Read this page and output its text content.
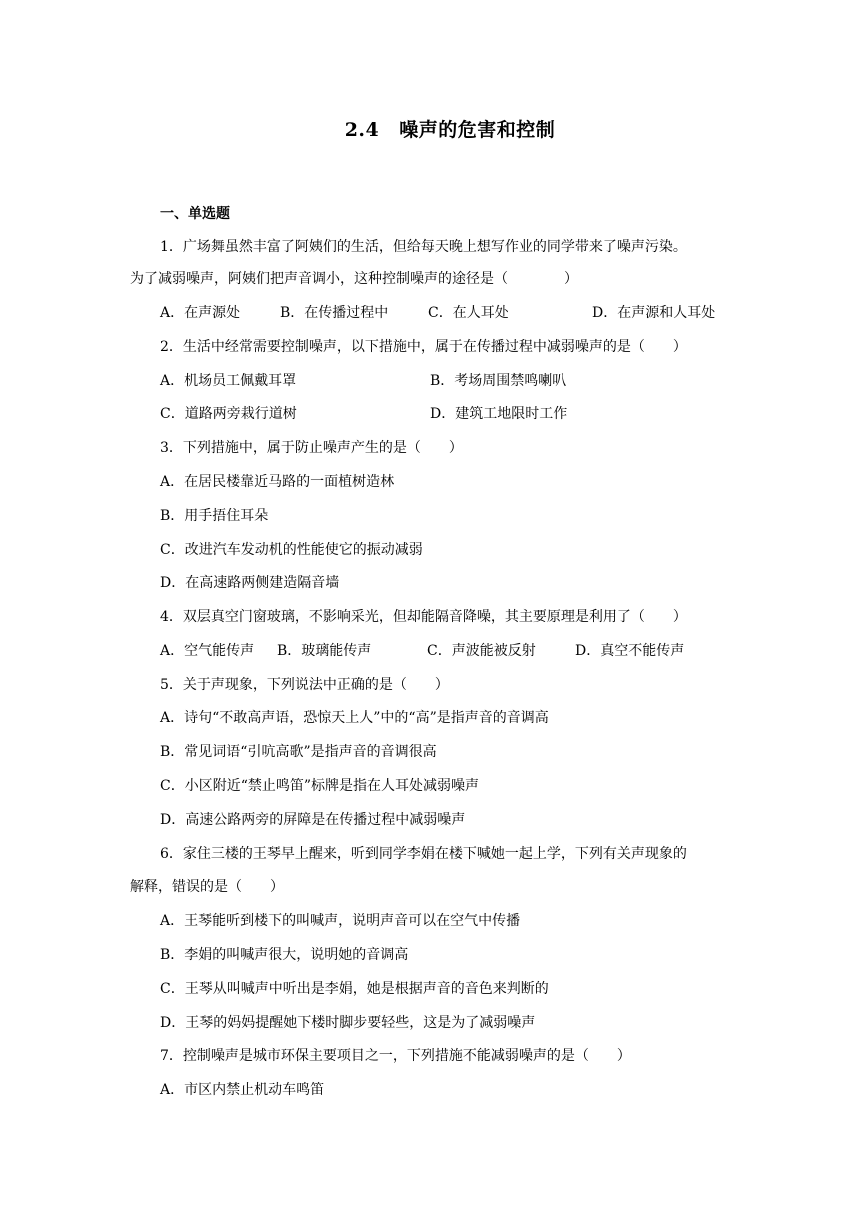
2.4 噪声的危害和控制
一、单选题
1．广场舞虽然丰富了阿姨们的生活，但给每天晚上想写作业的同学带来了噪声污染。
为了减弱噪声，阿姨们把声音调小，这种控制噪声的途径是（　　　　）
A．在声源处	B．在传播过程中	C．在人耳处	D．在声源和人耳处
2．生活中经常需要控制噪声，以下措施中，属于在传播过程中减弱噪声的是（　　）
A．机场员工佩戴耳罩	B．考场周围禁鸣喇叭
C．道路两旁栽行道树	D．建筑工地限时工作
3．下列措施中，属于防止噪声产生的是（　　）
A．在居民楼靠近马路的一面植树造林
B．用手捂住耳朵
C．改进汽车发动机的性能使它的振动减弱
D．在高速路两侧建造隔音墙
4．双层真空门窗玻璃，不影响采光，但却能隔音降噪，其主要原理是利用了（　　）
A．空气能传声 B．玻璃能传声	C．声波能被反射	D．真空不能传声
5．关于声现象，下列说法中正确的是（　　）
A．诗句“不敢高声语，恐惊天上人”中的“高”是指声音的音调高
B．常见词语“引吭高歌”是指声音的音调很高
C．小区附近“禁止鸣笛”标牌是指在人耳处减弱噪声
D．高速公路两旁的屏障是在传播过程中减弱噪声
6．家住三楼的王琴早上醒来，听到同学李娟在楼下喊她一起上学，下列有关声现象的
解释，错误的是（　　）
A．王琴能听到楼下的叫喊声，说明声音可以在空气中传播
B．李娟的叫喊声很大，说明她的音调高
C．王琴从叫喊声中听出是李娟，她是根据声音的音色来判断的
D．王琴的妈妈提醒她下楼时脚步要轻些，这是为了减弱噪声
7．控制噪声是城市环保主要项目之一，下列措施不能减弱噪声的是（　　）
A．市区内禁止机动车鸣笛
